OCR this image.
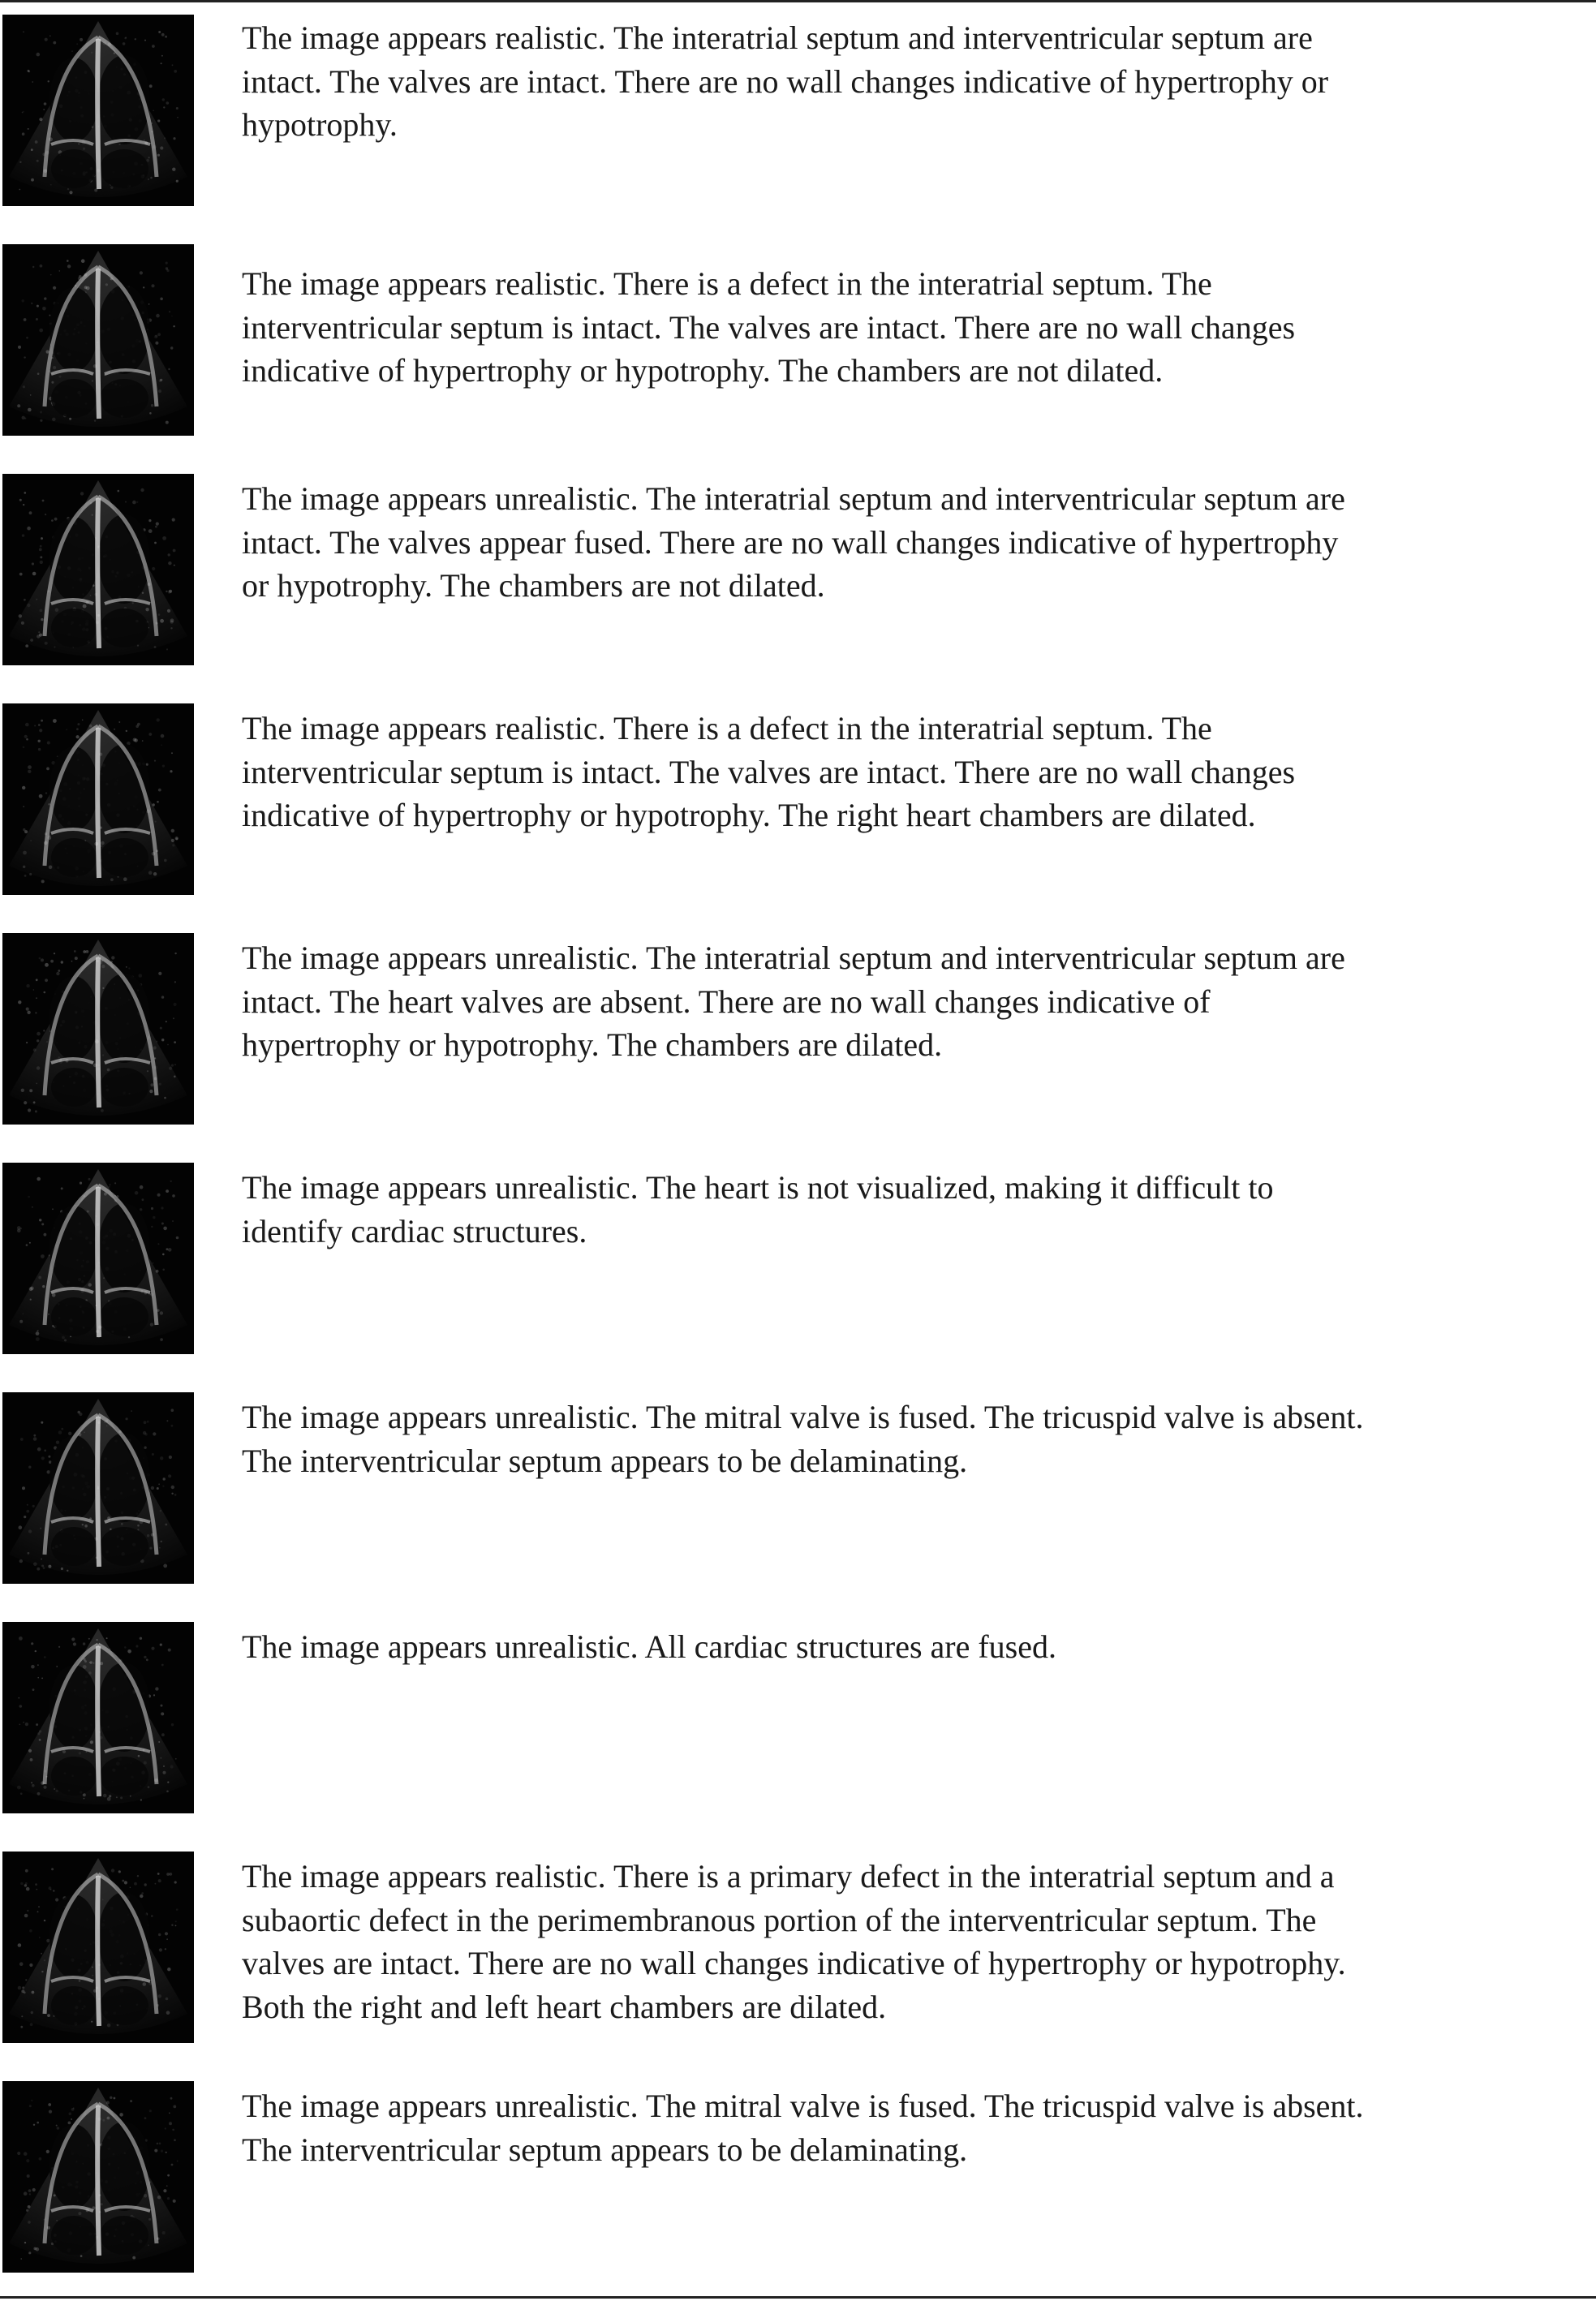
The image appears realistic. The interatrial septum and interventricular septum are
intact. The valves are intact. There are no wall changes indicative of hypertrophy or
hypotrophy.

The image appears realistic. There is a defect in the interatrial septum. The
interventricular septum is intact. The valves are intact. There are no wall changes
indicative of hypertrophy or hypotrophy. The chambers are not dilated.

The image appears unrealistic. The interatrial septum and interventricular septum are
intact. The valves appear fused. There are no wall changes indicative of hypertrophy
or hypotrophy. The chambers are not dilated.

The image appears realistic. There is a defect in the interatrial septum. The
interventricular septum is intact. The valves are intact. There are no wall changes
indicative of hypertrophy or hypotrophy. The right heart chambers are dilated.

The image appears unrealistic. The interatrial septum and interventricular septum are
intact. The heart valves are absent. There are no wall changes indicative of
hypertrophy or hypotrophy. The chambers are dilated.

The image appears unrealistic. The heart is not visualized, making it difficult to
identify cardiac structures.

The image appears unrealistic. The mitral valve is fused. The tricuspid valve is absent.
The interventricular septum appears to be delaminating.

The image appears unrealistic. All cardiac structures are fused.

The image appears realistic. There is a primary defect in the interatrial septum and a
subaortic defect in the perimembranous portion of the interventricular septum. The
valves are intact. There are no wall changes indicative of hypertrophy or hypotrophy.
Both the right and left heart chambers are dilated.

The image appears unrealistic. The mitral valve is fused. The tricuspid valve is absent.
The interventricular septum appears to be delaminating.
